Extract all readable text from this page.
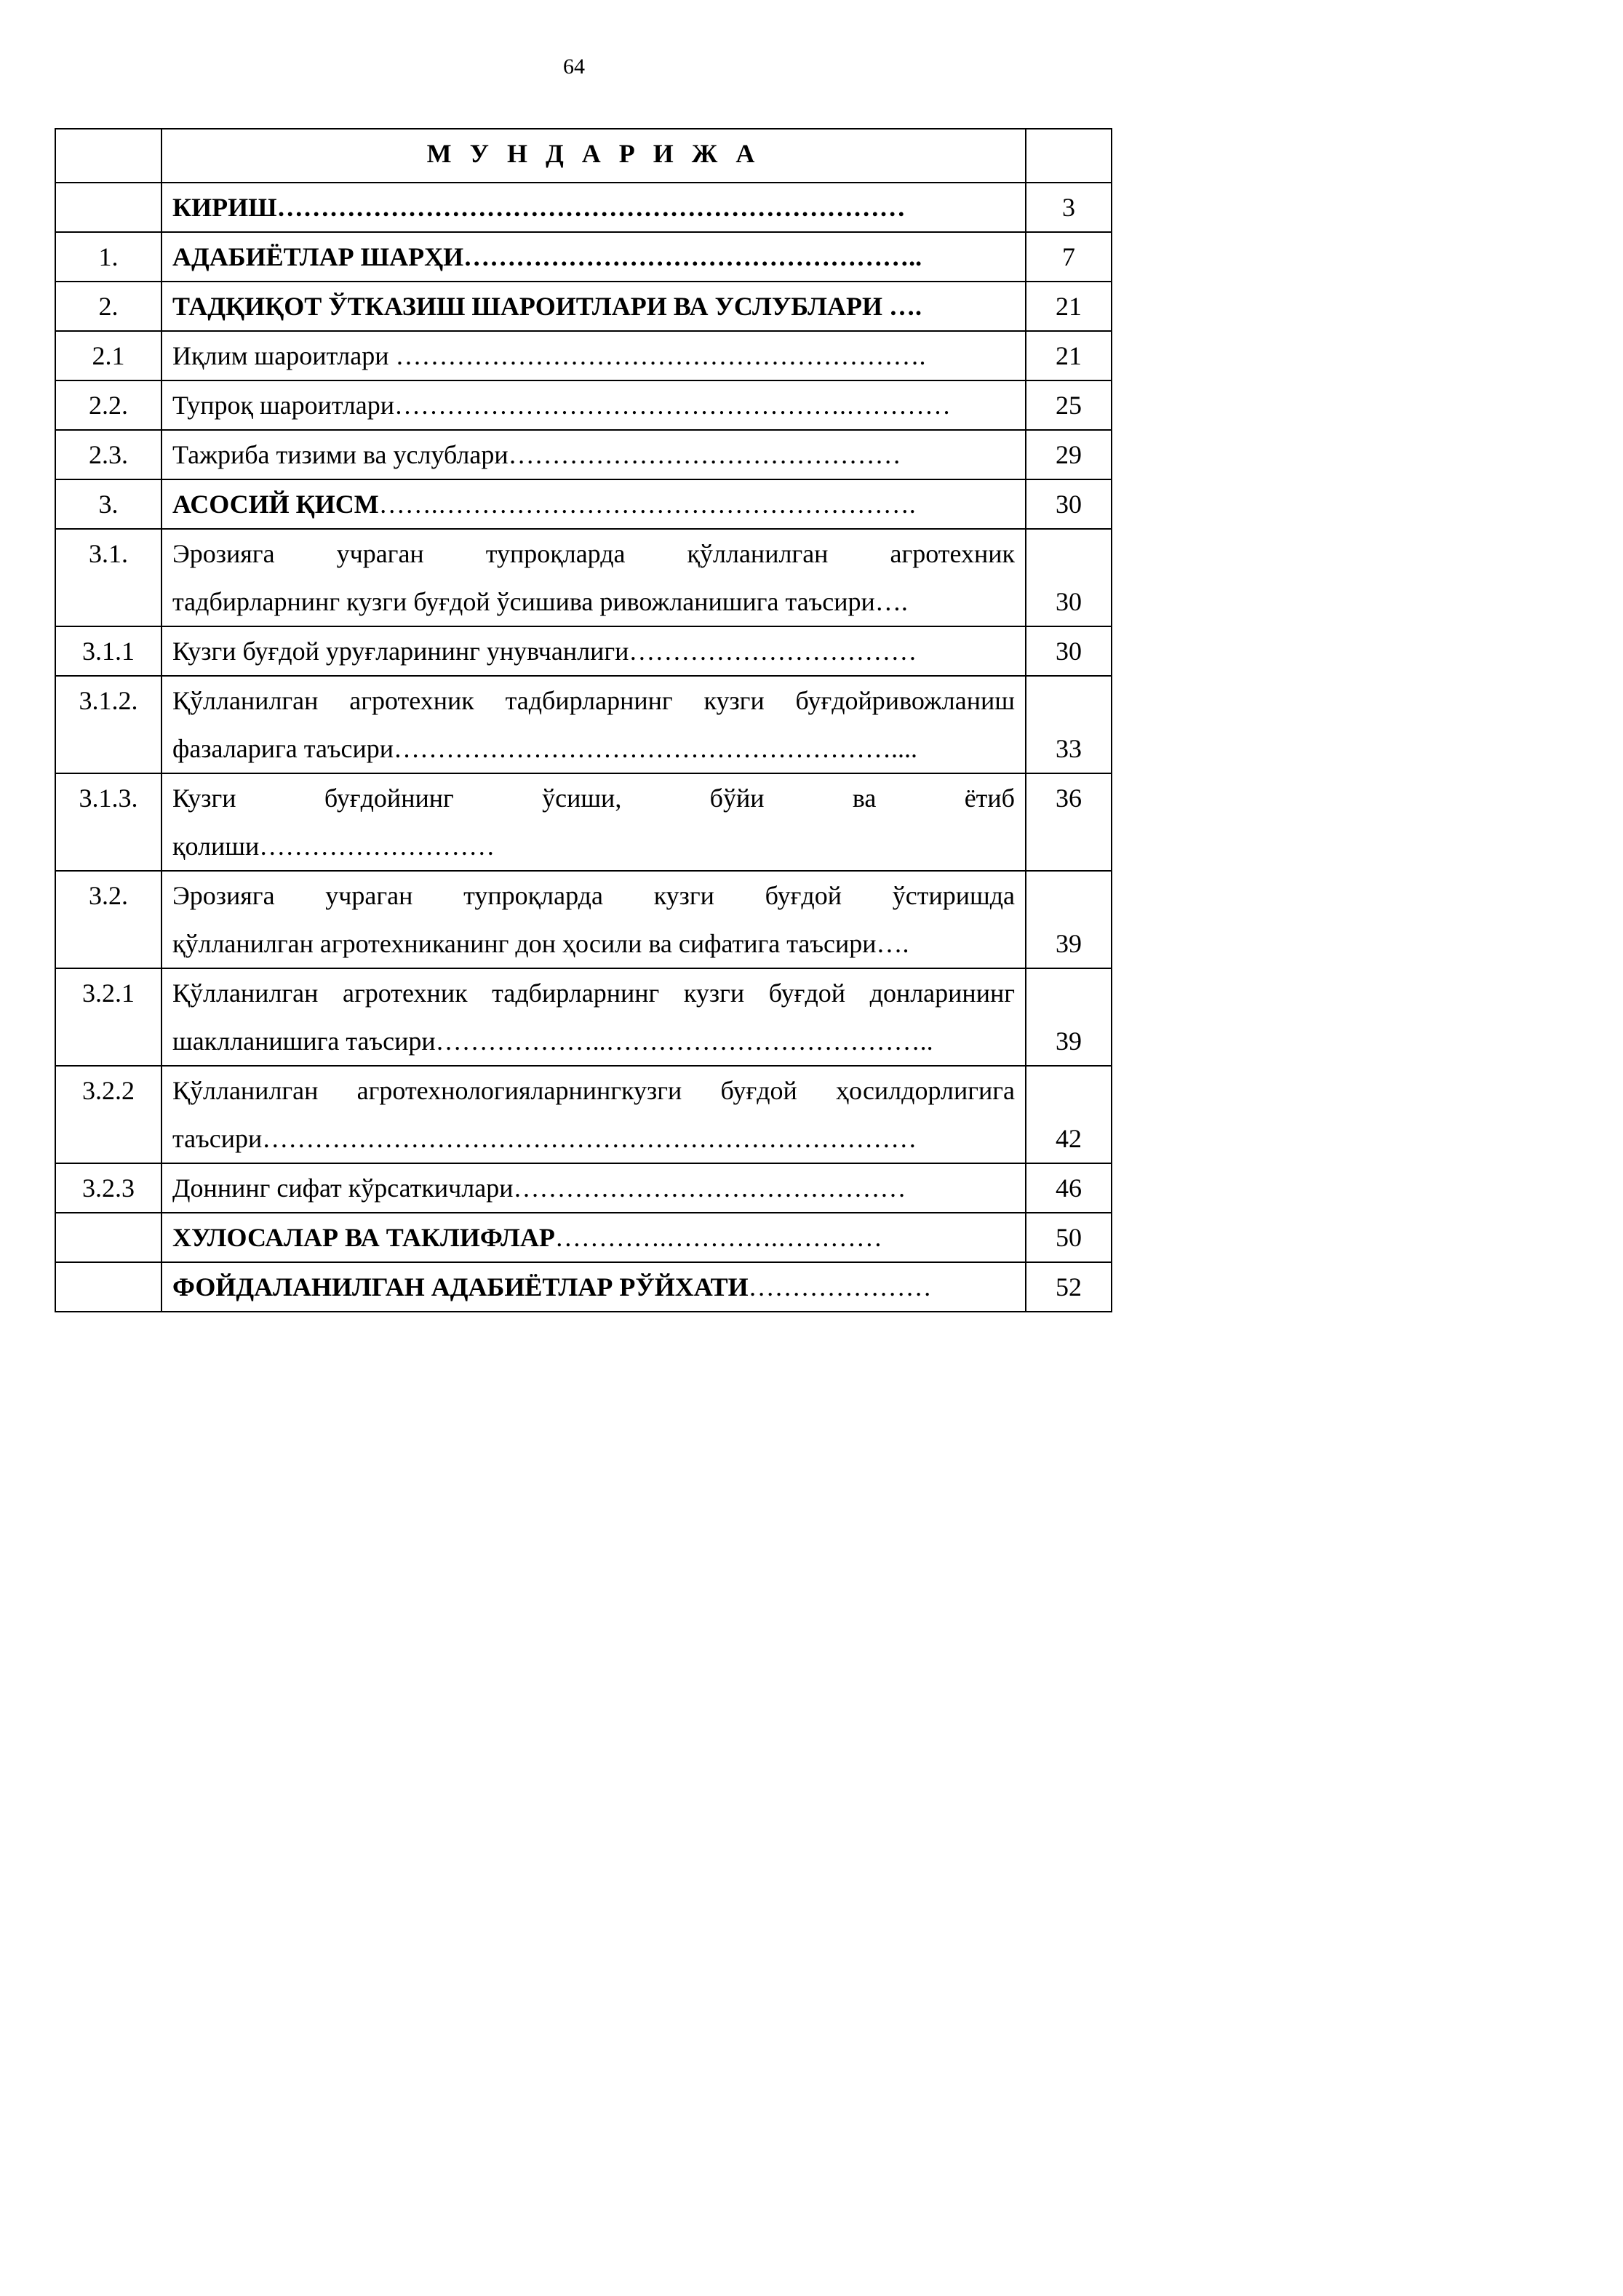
64
	М У Н Д А Р И Ж А	
	КИРИШ………………………………………………………………	3
1.	АДАБИЁТЛАР ШАРҲИ……………………………………………..	7
2.	ТАДҚИҚОТ ЎТКАЗИШ ШАРОИТЛАРИ ВА УСЛУБЛАРИ ….	21
2.1	Иқлим шароитлари …………………………………………………….	21
2.2.	Тупроқ шароитлари…………………………………………….…………	25
2.3.	Тажриба тизими ва услублари………………………………………	29
3.	АСОСИЙ ҚИСМ…….……………………………………………….	30
3.1.	Эрозияга учраган тупроқларда қўлланилган агротехник
тадбирларнинг кузги буғдой ўсишива ривожланишига таъсири….	30
3.1.1	Кузги буғдой уруғларининг унувчанлиги……………………………	30
3.1.2.	Қўлланилган агротехник тадбирларнинг кузги буғдойривожланиш
фазаларига таъсири…………………………………………………....	33
3.1.3.	Кузги буғдойнинг ўсиши, бўйи ва ётиб
қолиши………………………	36
3.2.	Эрозияга учраган тупроқларда кузги буғдой ўстиришда
қўлланилган агротехниканинг дон ҳосили ва сифатига таъсири….	39
3.2.1	Қўлланилган агротехник тадбирларнинг кузги буғдой донларининг
шаклланишига таъсири………………..………………………………..	39
3.2.2	Қўлланилган агротехнологияларнингкузги буғдой ҳосилдорлигига
таъсири…………………………………………………………………	42
3.2.3	Доннинг сифат кўрсаткичлари………………………………………	46
	ХУЛОСАЛАР ВА ТАКЛИФЛАР………….………….…………	50
	ФОЙДАЛАНИЛГАН АДАБИЁТЛАР РЎЙХАТИ…………………	52
